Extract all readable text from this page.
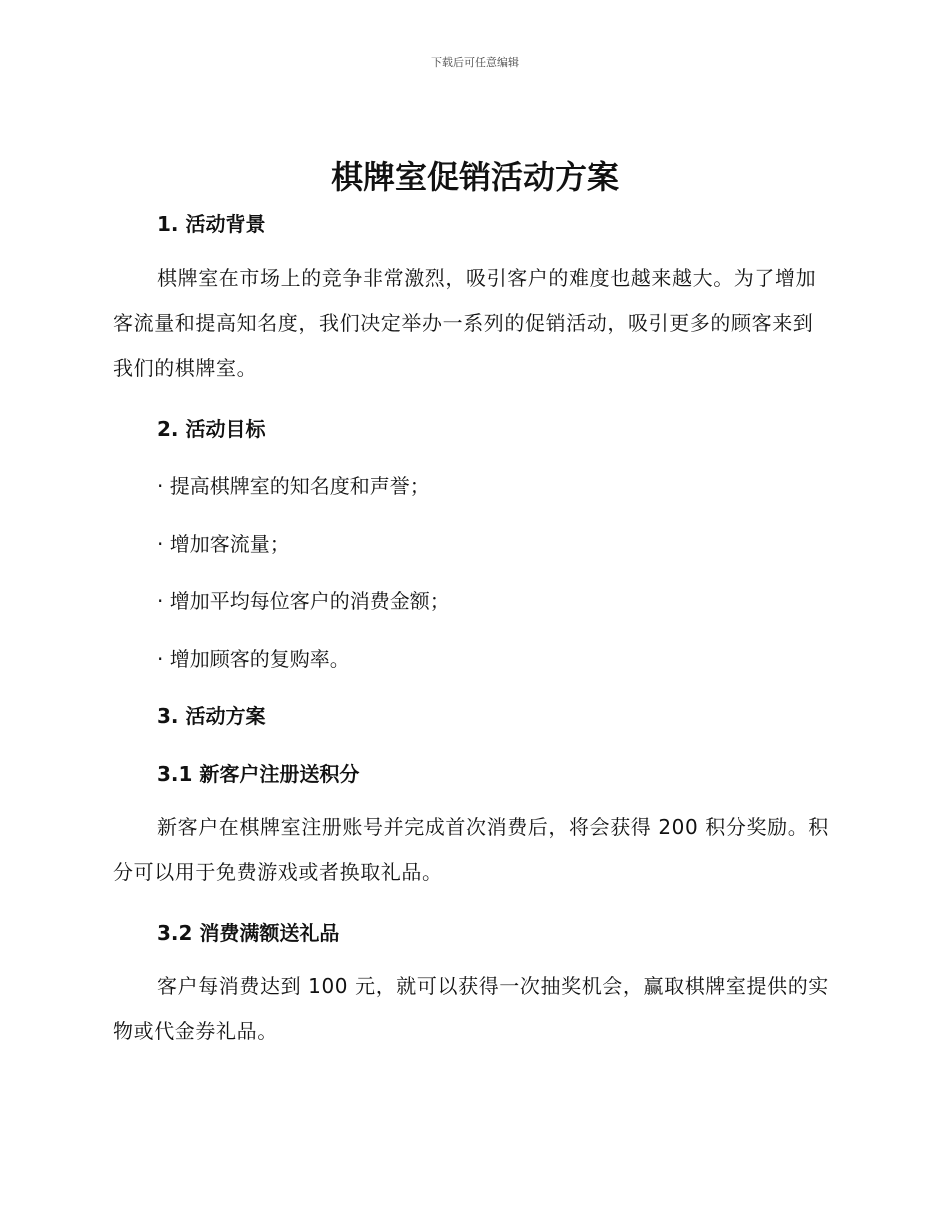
下载后可任意编辑
棋牌室促销活动方案
1. 活动背景

棋牌室在市场上的竞争非常激烈，吸引客户的难度也越来越大。为了增加客流量和提高知名度，我们决定举办一系列的促销活动，吸引更多的顾客来到我们的棋牌室。

2. 活动目标

· 提高棋牌室的知名度和声誉；

· 增加客流量；

· 增加平均每位客户的消费金额；

· 增加顾客的复购率。

3. 活动方案
3.1 新客户注册送积分

新客户在棋牌室注册账号并完成首次消费后，将会获得 200 积分奖励。积分可以用于免费游戏或者换取礼品。

3.2 消费满额送礼品

客户每消费达到 100 元，就可以获得一次抽奖机会，赢取棋牌室提供的实物或代金券礼品。
